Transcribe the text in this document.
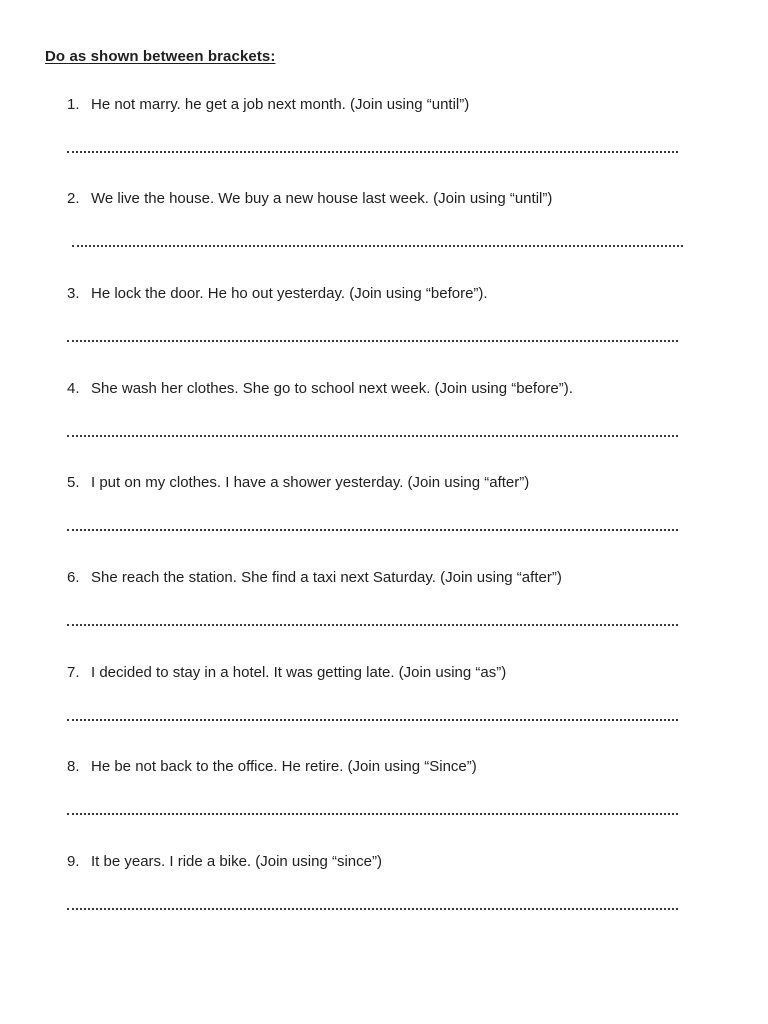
Do as shown between brackets:
1. He not marry. he get a job next month. (Join using “until”)
2. We live the house. We buy a new house last week. (Join using “until”)
3. He lock the door. He ho out yesterday. (Join using “before”).
4. She wash her clothes. She go to school next week. (Join using “before”).
5. I put on my clothes. I have a shower yesterday. (Join using “after”)
6. She reach the station. She find a taxi next Saturday. (Join using “after”)
7. I decided to stay in a hotel. It was getting late. (Join using “as”)
8. He be not back to the office. He retire. (Join using “Since”)
9. It be years. I ride a bike. (Join using “since”)
